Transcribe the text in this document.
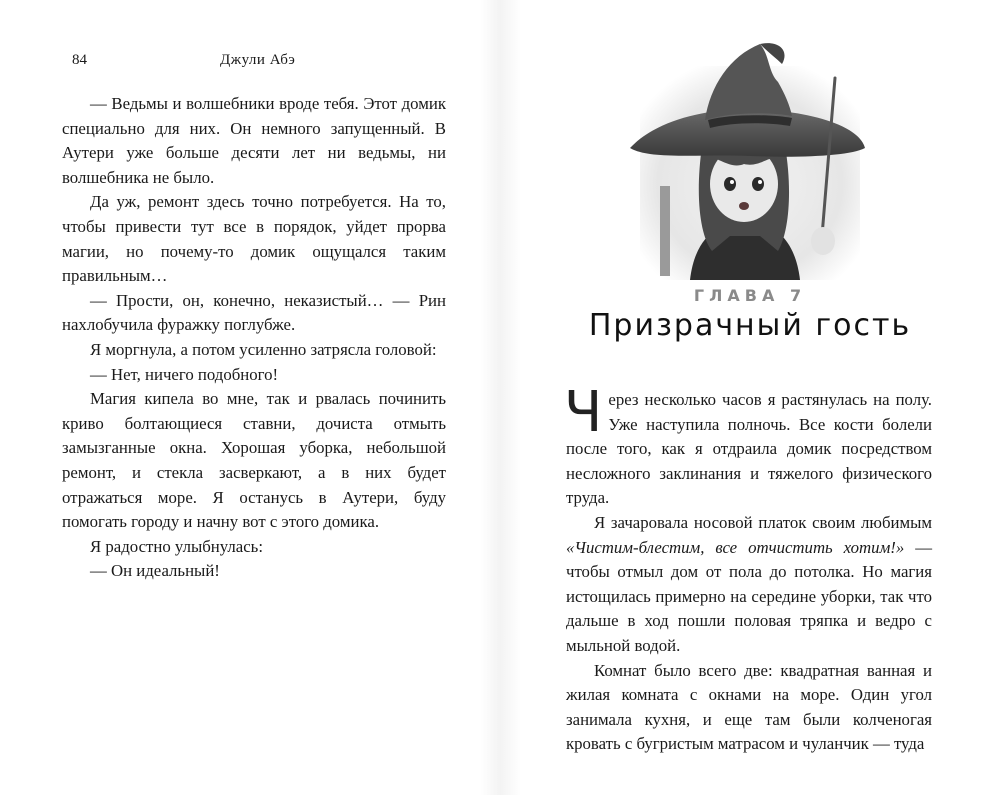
84	Джули Абэ

— Ведьмы и волшебники вроде тебя. Этот домик специально для них. Он немного запущенный. В Аутери уже больше десяти лет ни ведьмы, ни волшебника не было.

Да уж, ремонт здесь точно потребуется. На то, чтобы привести тут все в порядок, уйдет прорва магии, но почему-то домик ощущался таким правильным…

— Прости, он, конечно, неказистый… — Рин нахлобучила фуражку поглубже.

Я моргнула, а потом усиленно затрясла головой:

— Нет, ничего подобного!

Магия кипела во мне, так и рвалась починить криво болтающиеся ставни, дочиста отмыть замызганные окна. Хорошая уборка, небольшой ремонт, и стекла засверкают, а в них будет отражаться море. Я останусь в Аутери, буду помогать городу и начну вот с этого домика.

Я радостно улыбнулась:

— Он идеальный!

ГЛАВА 7
Призрачный гость

Через несколько часов я растянулась на полу. Уже наступила полночь. Все кости болели после того, как я отдраила домик посредством несложного заклинания и тяжелого физического труда.

Я зачаровала носовой платок своим любимым «Чистим-блестим, все отчистить хотим!» — чтобы отмыл дом от пола до потолка. Но магия истощилась примерно на середине уборки, так что дальше в ход пошли половая тряпка и ведро с мыльной водой.

Комнат было всего две: квадратная ванная и жилая комната с окнами на море. Один угол занимала кухня, и еще там были колченогая кровать с бугристым матрасом и чуланчик — туда
